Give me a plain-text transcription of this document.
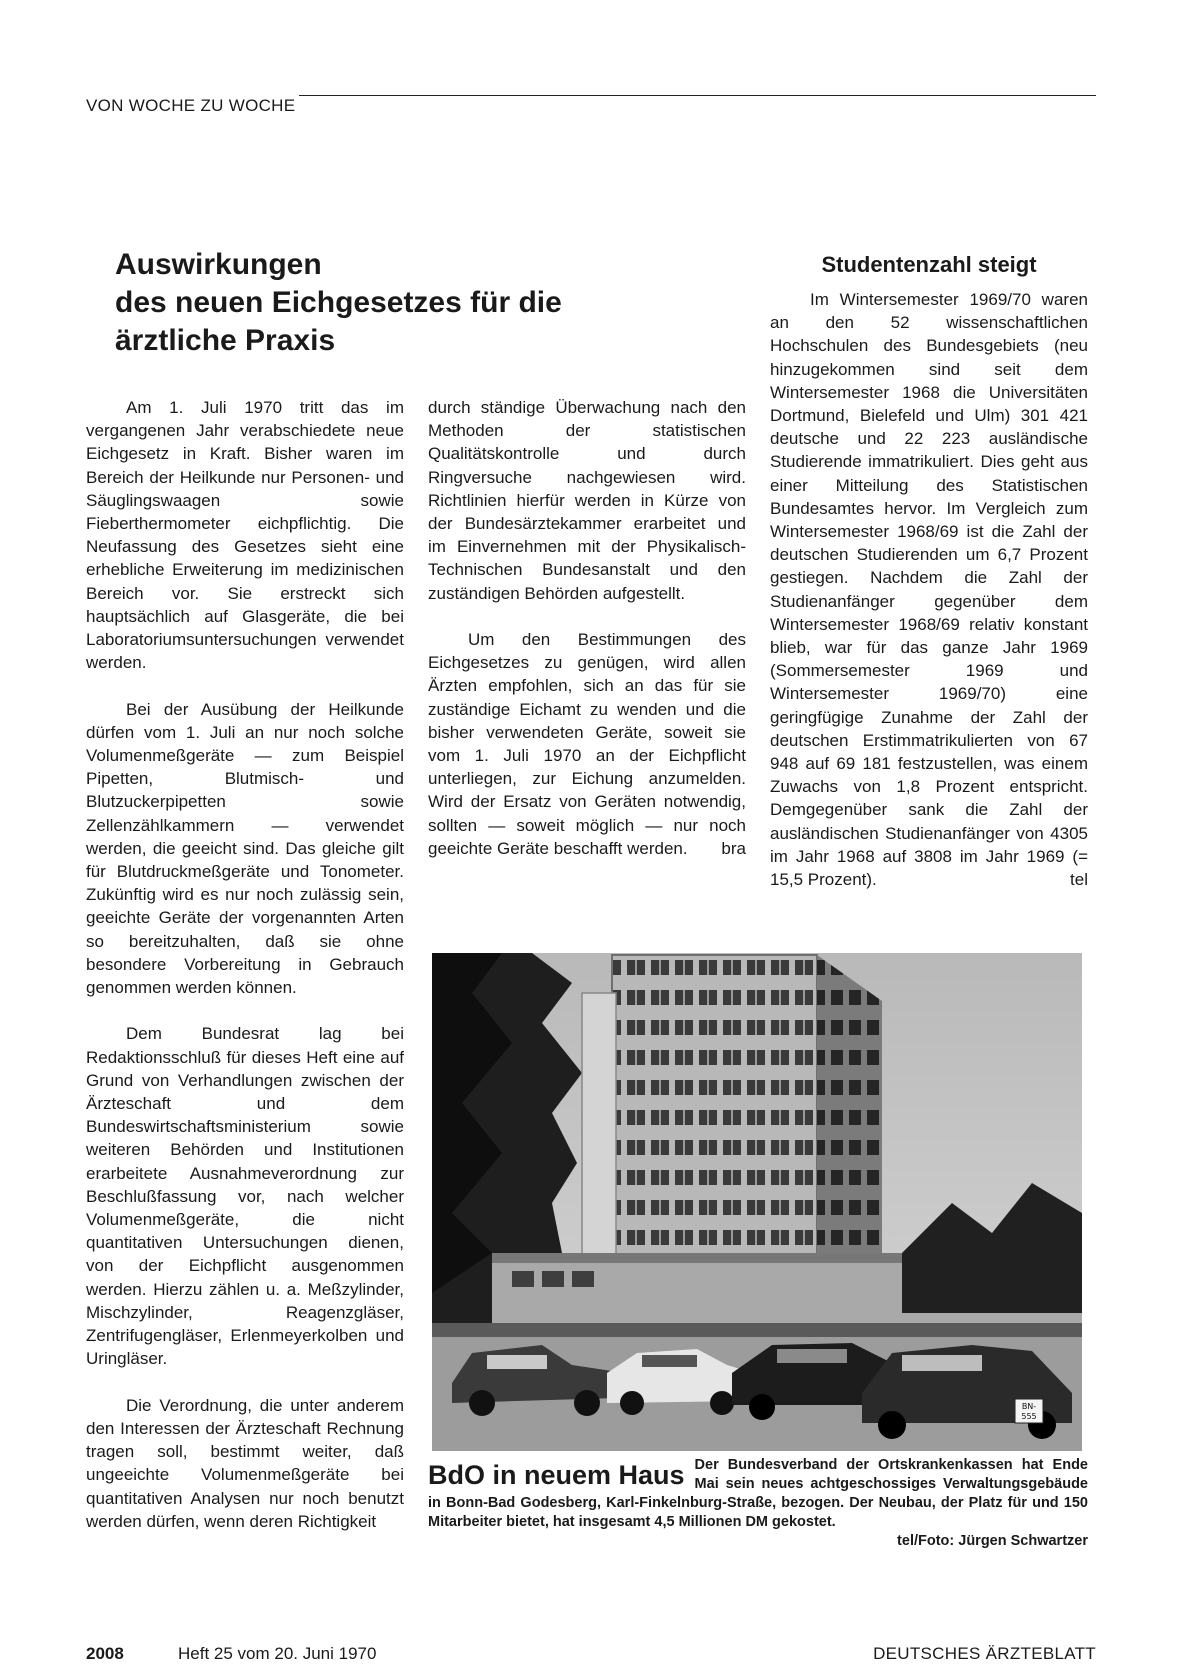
VON WOCHE ZU WOCHE
Auswirkungen
des neuen Eichgesetzes für die
ärztliche Praxis

Am 1. Juli 1970 tritt das im vergangenen Jahr verabschiedete neue Eichgesetz in Kraft. Bisher waren im Bereich der Heilkunde nur Personen- und Säuglingswaagen sowie Fieberthermometer eichpflichtig. Die Neufassung des Gesetzes sieht eine erhebliche Erweiterung im medizinischen Bereich vor. Sie erstreckt sich hauptsächlich auf Glasgeräte, die bei Laboratoriumsuntersuchungen verwendet werden.

Bei der Ausübung der Heilkunde dürfen vom 1. Juli an nur noch solche Volumenmeßgeräte — zum Beispiel Pipetten, Blutmisch- und Blutzuckerpipetten sowie Zellenzählkammern — verwendet werden, die geeicht sind. Das gleiche gilt für Blutdruckmeßgeräte und Tonometer. Zukünftig wird es nur noch zulässig sein, geeichte Geräte der vorgenannten Arten so bereitzuhalten, daß sie ohne besondere Vorbereitung in Gebrauch genommen werden können.

Dem Bundesrat lag bei Redaktionsschluß für dieses Heft eine auf Grund von Verhandlungen zwischen der Ärzteschaft und dem Bundeswirtschaftsministerium sowie weiteren Behörden und Institutionen erarbeitete Ausnahmeverordnung zur Beschlußfassung vor, nach welcher Volumenmeßgeräte, die nicht quantitativen Untersuchungen dienen, von der Eichpflicht ausgenommen werden. Hierzu zählen u. a. Meßzylinder, Mischzylinder, Reagenzgläser, Zentrifugengläser, Erlenmeyerkolben und Uringläser.

Die Verordnung, die unter anderem den Interessen der Ärzteschaft Rechnung tragen soll, bestimmt weiter, daß ungeeichte Volumenmeßgeräte bei quantitativen Analysen nur noch benutzt werden dürfen, wenn deren Richtigkeit

durch ständige Überwachung nach den Methoden der statistischen Qualitätskontrolle und durch Ringversuche nachgewiesen wird. Richtlinien hierfür werden in Kürze von der Bundesärztekammer erarbeitet und im Einvernehmen mit der Physikalisch-Technischen Bundesanstalt und den zuständigen Behörden aufgestellt.

Um den Bestimmungen des Eichgesetzes zu genügen, wird allen Ärzten empfohlen, sich an das für sie zuständige Eichamt zu wenden und die bisher verwendeten Geräte, soweit sie vom 1. Juli 1970 an der Eichpflicht unterliegen, zur Eichung anzumelden. Wird der Ersatz von Geräten notwendig, sollten — soweit möglich — nur noch geeichte Geräte beschafft werden.	bra
Studentenzahl steigt

Im Wintersemester 1969/70 waren an den 52 wissenschaftlichen Hochschulen des Bundesgebiets (neu hinzugekommen sind seit dem Wintersemester 1968 die Universitäten Dortmund, Bielefeld und Ulm) 301 421 deutsche und 22 223 ausländische Studierende immatrikuliert. Dies geht aus einer Mitteilung des Statistischen Bundesamtes hervor. Im Vergleich zum Wintersemester 1968/69 ist die Zahl der deutschen Studierenden um 6,7 Prozent gestiegen. Nachdem die Zahl der Studienanfänger gegenüber dem Wintersemester 1968/69 relativ konstant blieb, war für das ganze Jahr 1969 (Sommersemester 1969 und Wintersemester 1969/70) eine geringfügige Zunahme der Zahl der deutschen Erstimmatrikulierten von 67 948 auf 69 181 festzustellen, was einem Zuwachs von 1,8 Prozent entspricht. Demgegenüber sank die Zahl der ausländischen Studienanfänger von 4305 im Jahr 1968 auf 3808 im Jahr 1969 (= 15,5 Prozent).	tel
BN-
555
BdO in neuem Haus Der Bundesverband der Ortskrankenkassen hat Ende Mai sein neues achtgeschossiges Verwaltungsgebäude in Bonn-Bad Godesberg, Karl-Finkelnburg-Straße, bezogen. Der Neubau, der Platz für und 150 Mitarbeiter bietet, hat insgesamt 4,5 Millionen DM gekostet.
tel/Foto: Jürgen Schwartzer
2008	Heft 25 vom 20. Juni 1970	DEUTSCHES ÄRZTEBLATT
